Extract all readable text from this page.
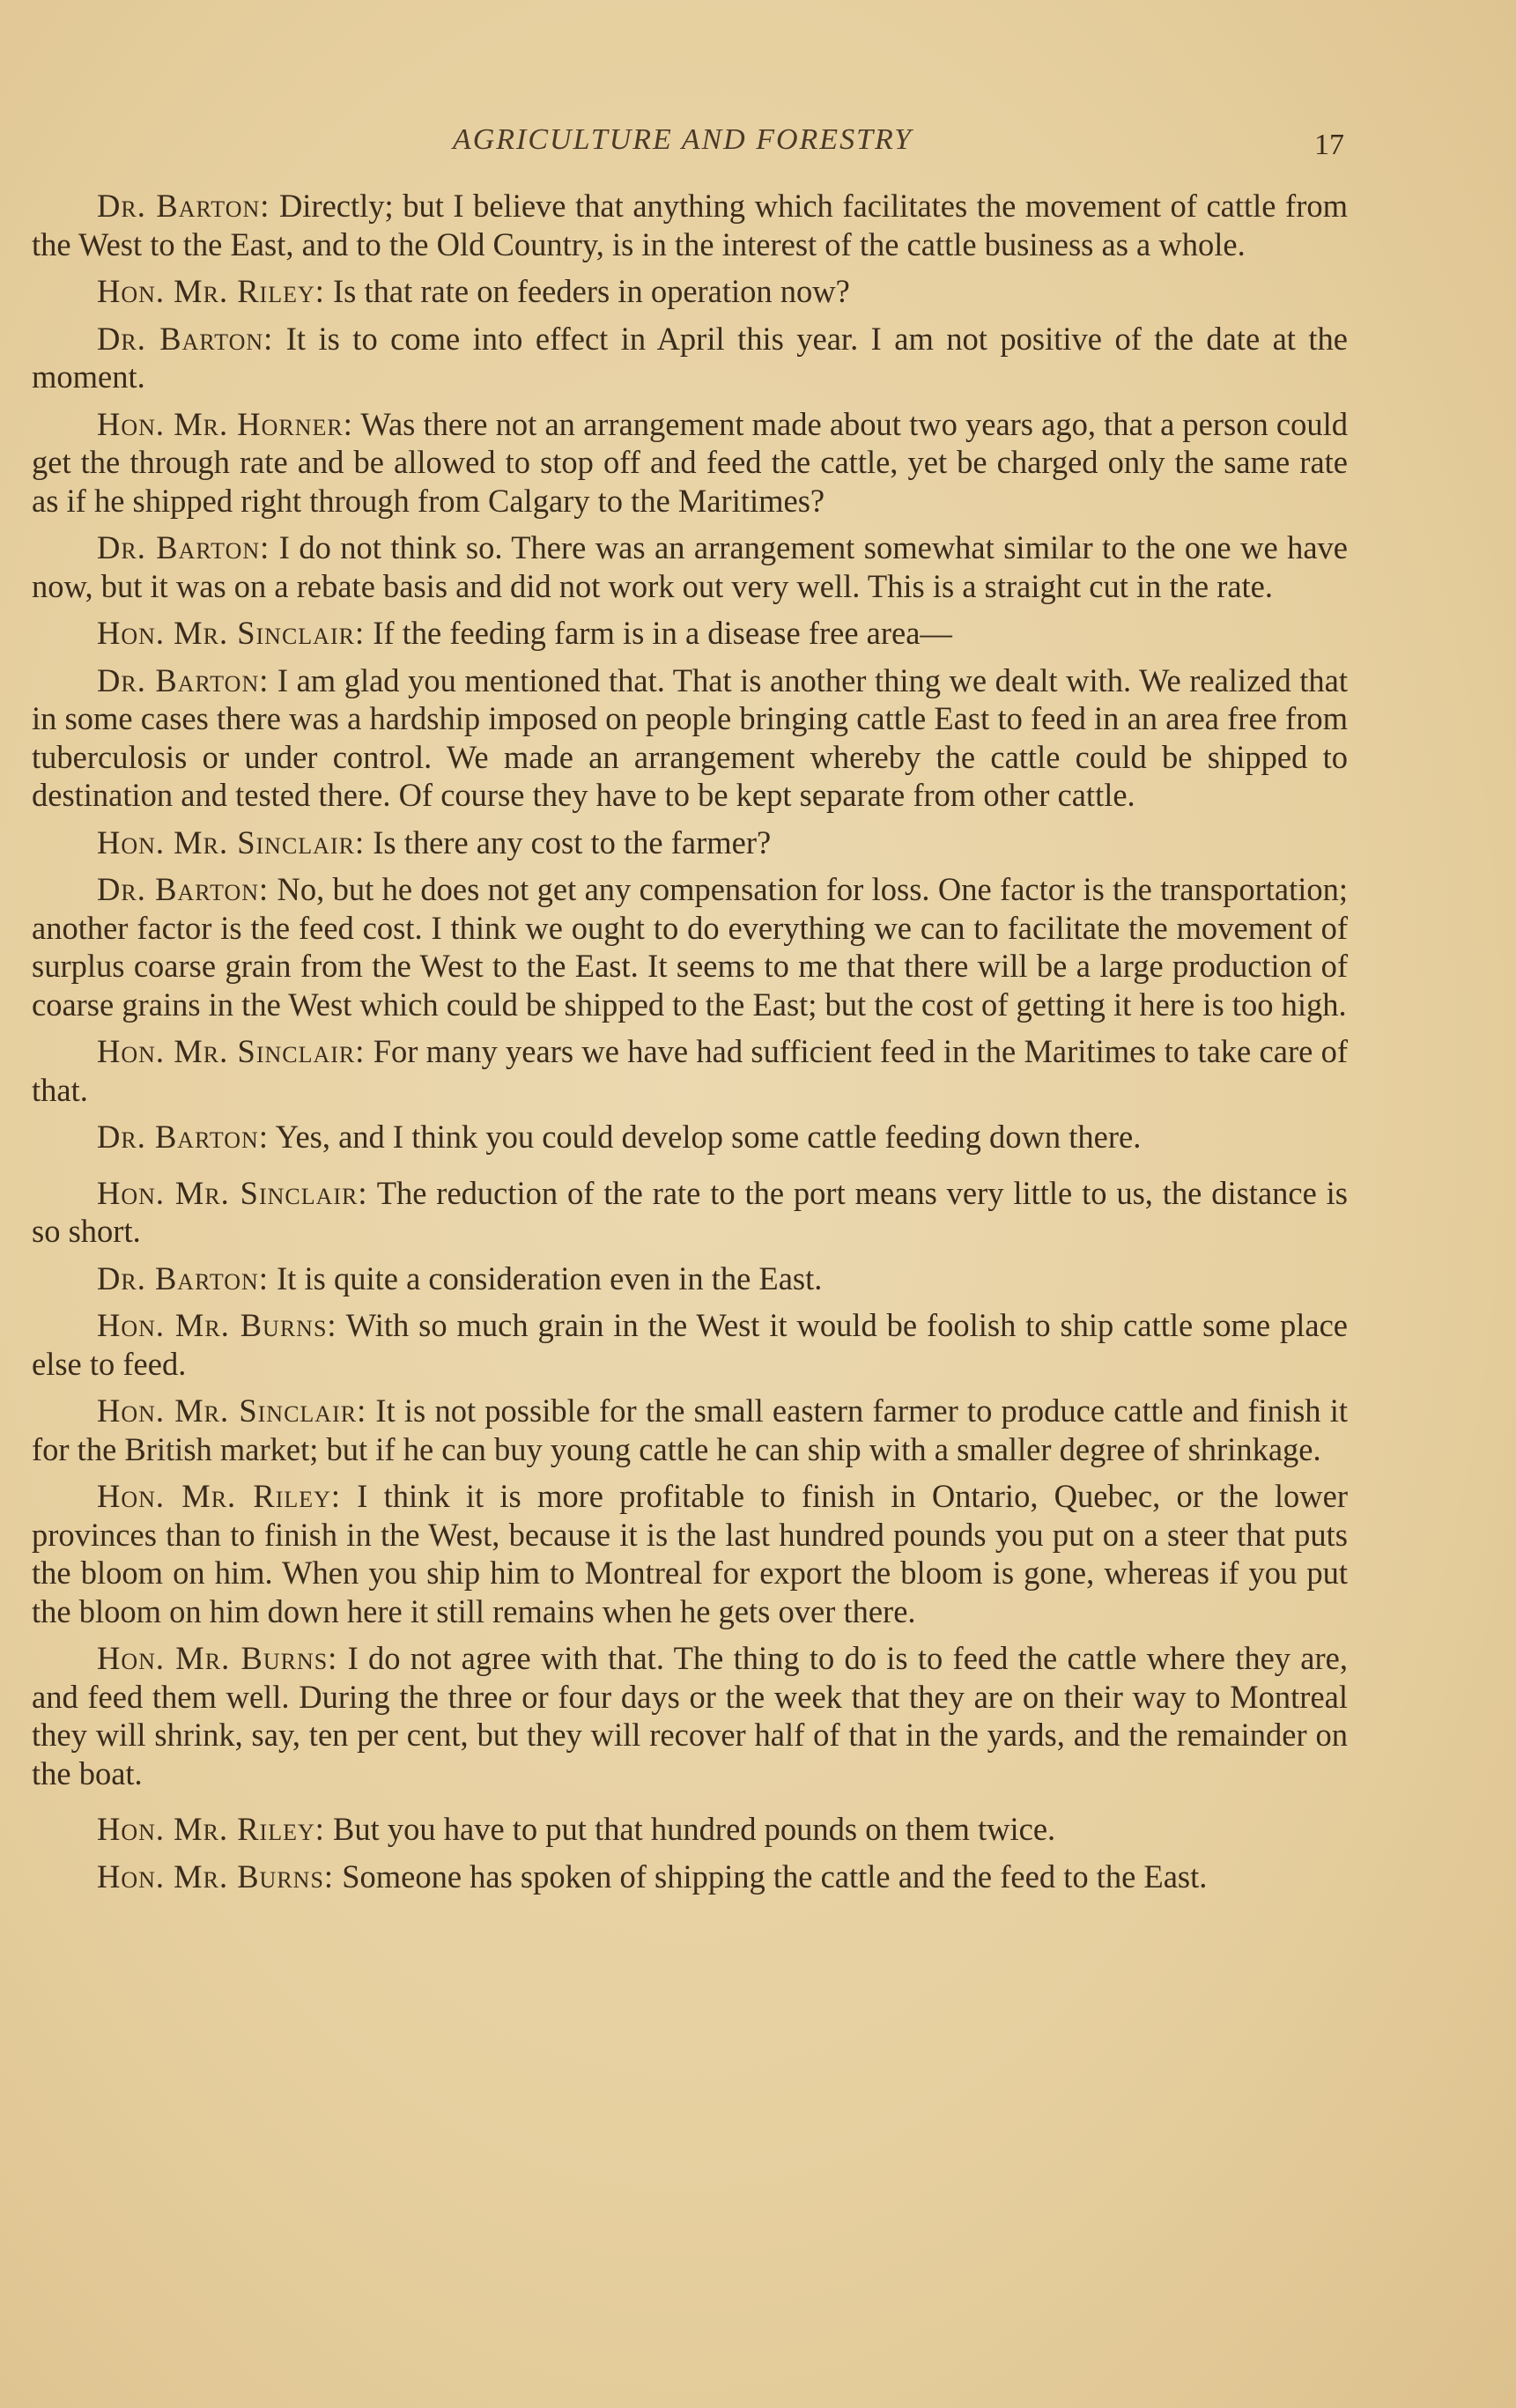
AGRICULTURE AND FORESTRY	17

Dr. Barton: Directly; but I believe that anything which facilitates the movement of cattle from the West to the East, and to the Old Country, is in the interest of the cattle business as a whole.

Hon. Mr. Riley: Is that rate on feeders in operation now?

Dr. Barton: It is to come into effect in April this year. I am not positive of the date at the moment.

Hon. Mr. Horner: Was there not an arrangement made about two years ago, that a person could get the through rate and be allowed to stop off and feed the cattle, yet be charged only the same rate as if he shipped right through from Calgary to the Maritimes?

Dr. Barton: I do not think so. There was an arrangement somewhat similar to the one we have now, but it was on a rebate basis and did not work out very well. This is a straight cut in the rate.

Hon. Mr. Sinclair: If the feeding farm is in a disease free area—

Dr. Barton: I am glad you mentioned that. That is another thing we dealt with. We realized that in some cases there was a hardship imposed on people bringing cattle East to feed in an area free from tuberculosis or under control. We made an arrangement whereby the cattle could be shipped to destination and tested there. Of course they have to be kept separate from other cattle.

Hon. Mr. Sinclair: Is there any cost to the farmer?

Dr. Barton: No, but he does not get any compensation for loss. One factor is the transportation; another factor is the feed cost. I think we ought to do everything we can to facilitate the movement of surplus coarse grain from the West to the East. It seems to me that there will be a large production of coarse grains in the West which could be shipped to the East; but the cost of getting it here is too high.

Hon. Mr. Sinclair: For many years we have had sufficient feed in the Maritimes to take care of that.

Dr. Barton: Yes, and I think you could develop some cattle feeding down there.

Hon. Mr. Sinclair: The reduction of the rate to the port means very little to us, the distance is so short.

Dr. Barton: It is quite a consideration even in the East.

Hon. Mr. Burns: With so much grain in the West it would be foolish to ship cattle some place else to feed.

Hon. Mr. Sinclair: It is not possible for the small eastern farmer to produce cattle and finish it for the British market; but if he can buy young cattle he can ship with a smaller degree of shrinkage.

Hon. Mr. Riley: I think it is more profitable to finish in Ontario, Quebec, or the lower provinces than to finish in the West, because it is the last hundred pounds you put on a steer that puts the bloom on him. When you ship him to Montreal for export the bloom is gone, whereas if you put the bloom on him down here it still remains when he gets over there.

Hon. Mr. Burns: I do not agree with that. The thing to do is to feed the cattle where they are, and feed them well. During the three or four days or the week that they are on their way to Montreal they will shrink, say, ten per cent, but they will recover half of that in the yards, and the remainder on the boat.

Hon. Mr. Riley: But you have to put that hundred pounds on them twice.

Hon. Mr. Burns: Someone has spoken of shipping the cattle and the feed to the East.
